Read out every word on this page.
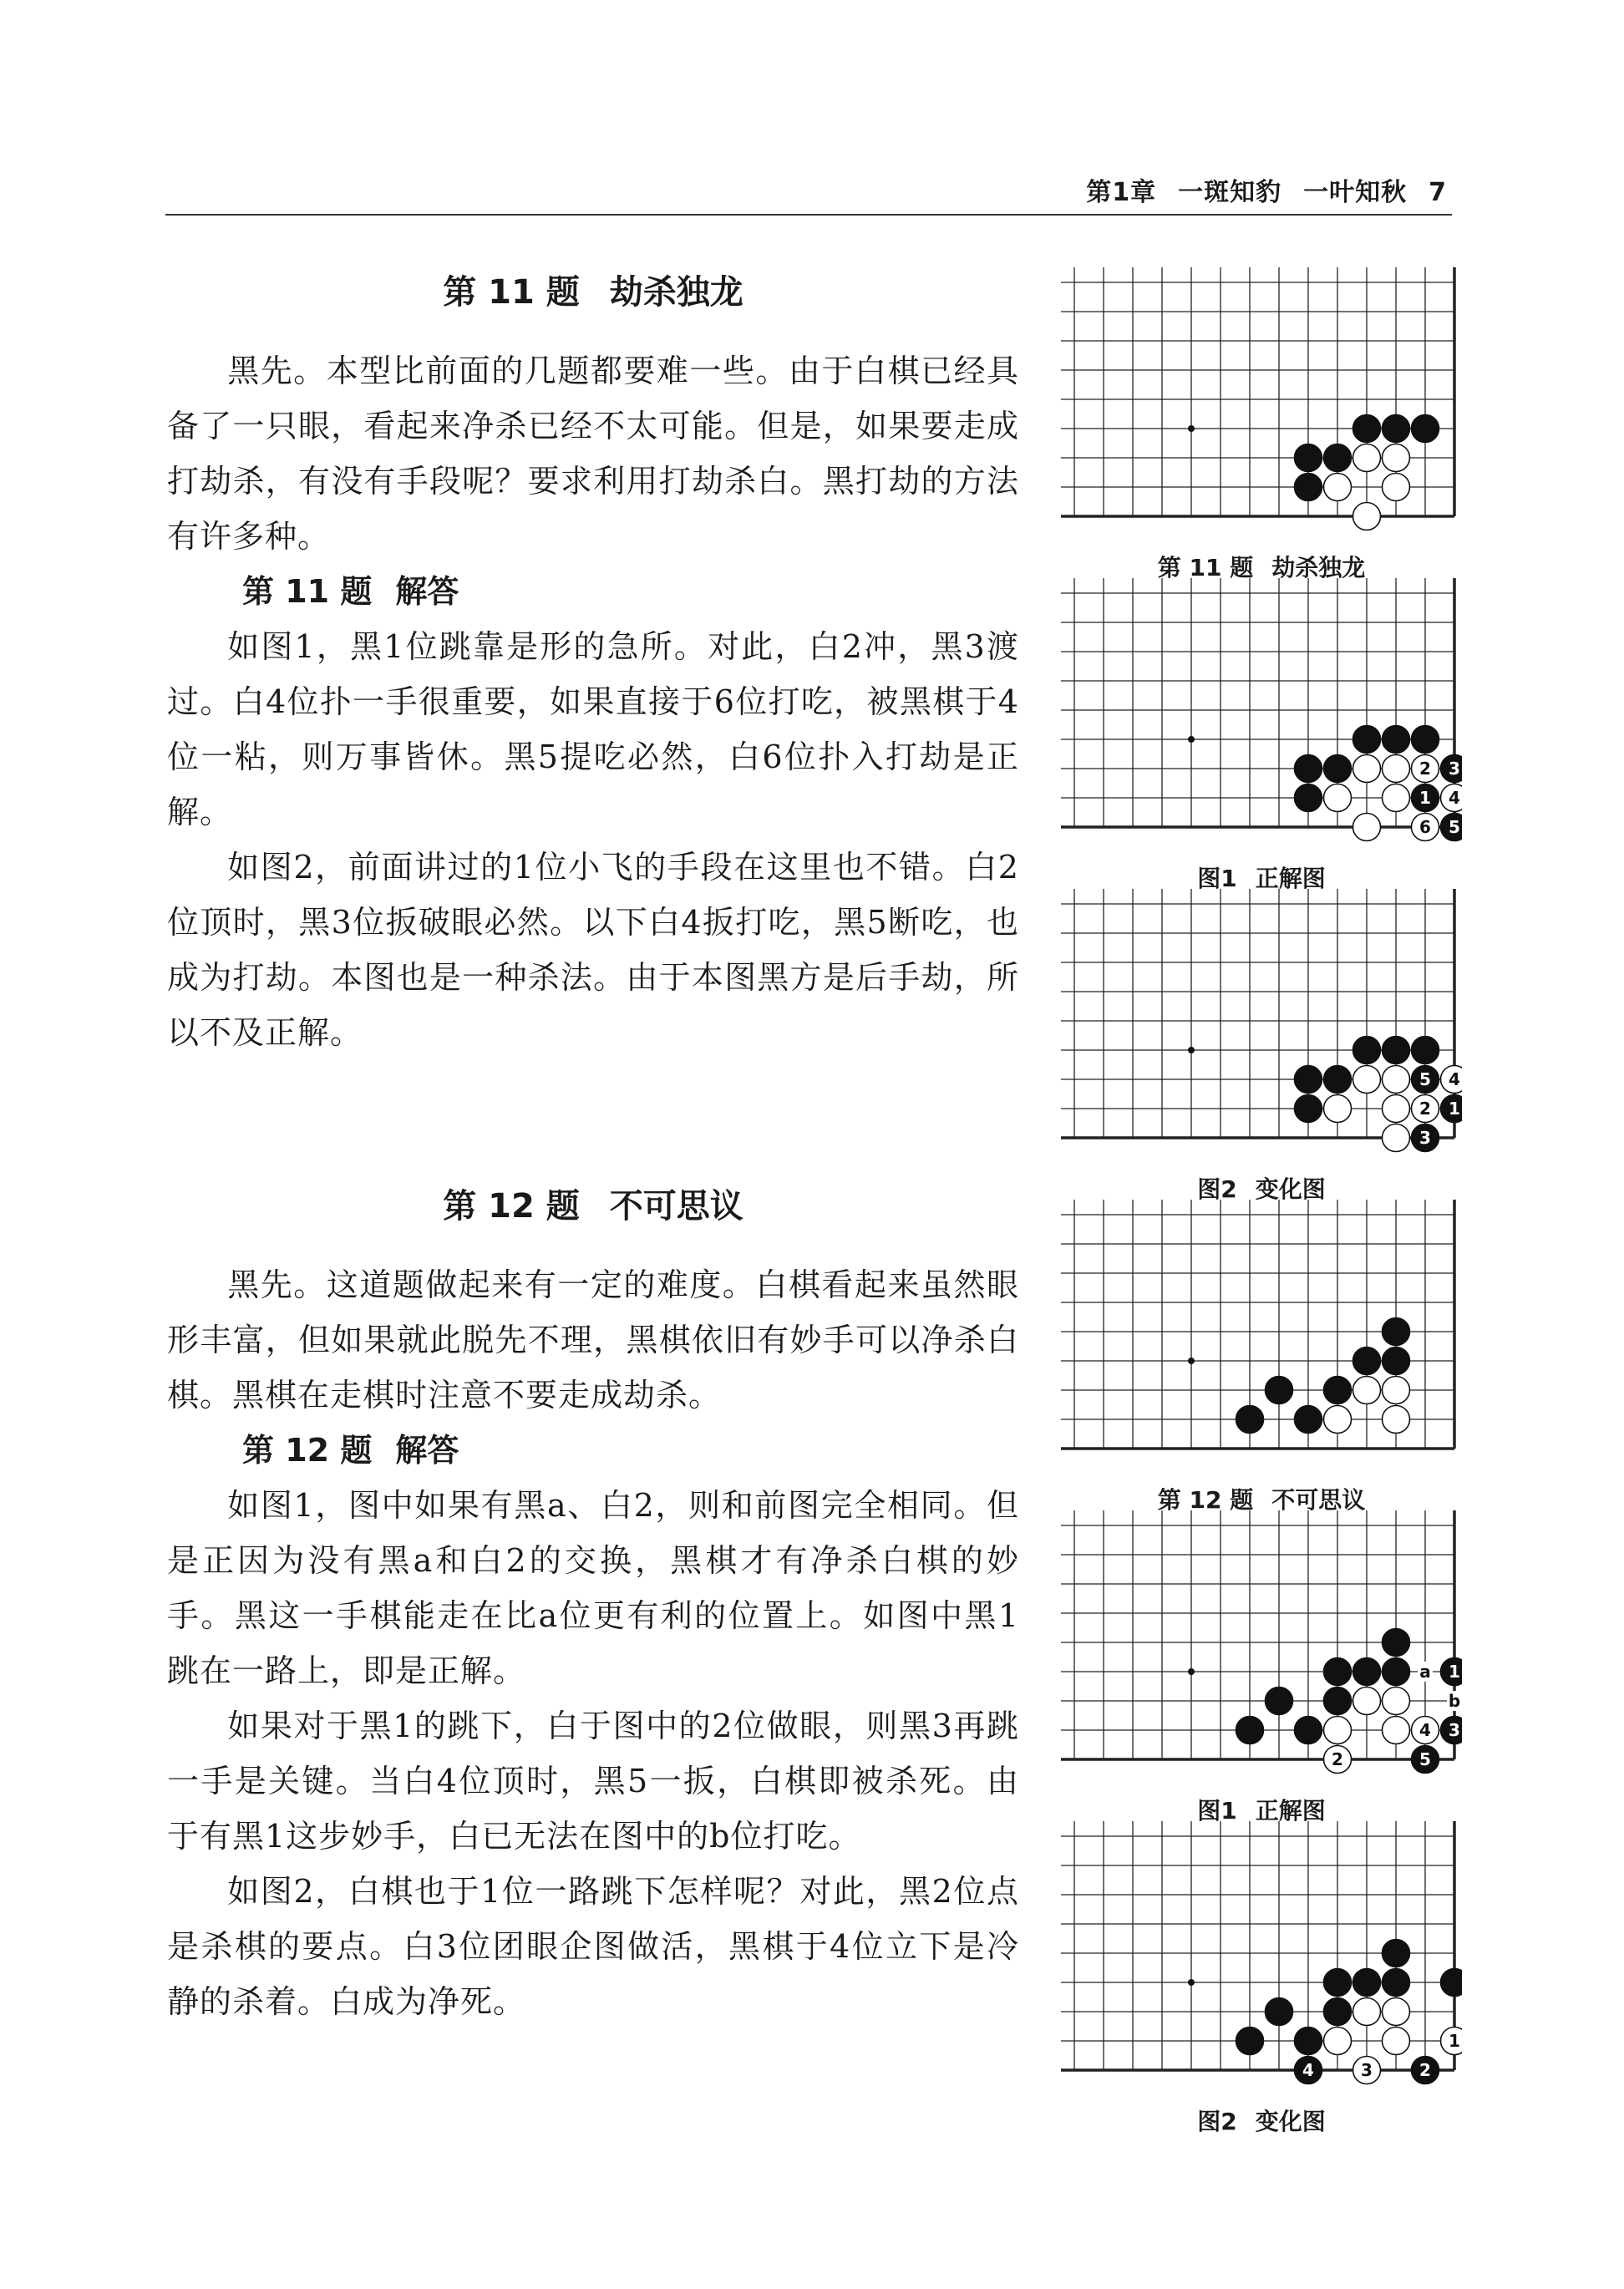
第1章 一斑知豹 一叶知秋 7
第 11 题 劫杀独龙

黑先。本型比前面的几题都要难一些。由于白棋已经具备了一只眼，看起来净杀已经不太可能。但是，如果要走成打劫杀，有没有手段呢？要求利用打劫杀白。黑打劫的方法有许多种。

第 11 题 解答

如图1，黑1位跳靠是形的急所。对此，白2冲，黑3渡过。白4位扑一手很重要，如果直接于6位打吃，被黑棋于4位一粘，则万事皆休。黑5提吃必然，白6位扑入打劫是正解。

如图2，前面讲过的1位小飞的手段在这里也不错。白2位顶时，黑3位扳破眼必然。以下白4扳打吃，黑5断吃，也成为打劫。本图也是一种杀法。由于本图黑方是后手劫，所以不及正解。

第 12 题 不可思议

黑先。这道题做起来有一定的难度。白棋看起来虽然眼形丰富，但如果就此脱先不理，黑棋依旧有妙手可以净杀白棋。黑棋在走棋时注意不要走成劫杀。

第 12 题 解答

如图1，图中如果有黑a、白2，则和前图完全相同。但是正因为没有黑a和白2的交换，黑棋才有净杀白棋的妙手。黑这一手棋能走在比a位更有利的位置上。如图中黑1跳在一路上，即是正解。

如果对于黑1的跳下，白于图中的2位做眼，则黑3再跳一手是关键。当白4位顶时，黑5一扳，白棋即被杀死。由于有黑1这步妙手，白已无法在图中的b位打吃。

如图2，白棋也于1位一路跳下怎样呢？对此，黑2位点是杀棋的要点。白3位团眼企图做活，黑棋于4位立下是冷静的杀着。白成为净死。

第 11 题 劫杀独龙
2 3
1 4
6 5
图1 正解图
5 4
2 1
3
图2 变化图
第 12 题 不可思议
a
b
1
4 3
2	5
图1 正解图
1
4	3	2
图2 变化图
